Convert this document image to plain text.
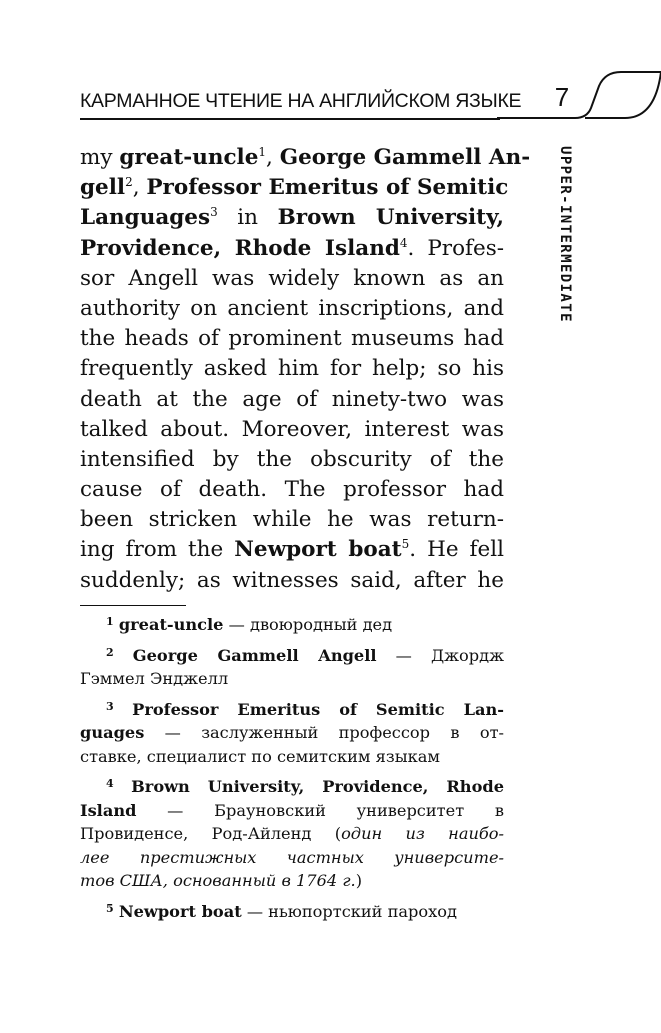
КАРМАННОЕ ЧТЕНИЕ НА АНГЛИЙСКОМ ЯЗЫКЕ	7
UPPER-INTERMEDIATE
my great-uncle$^1$, George Gammell An-
gell$^2$, Professor Emeritus of Semitic
Languages$^3$ in Brown University,
Providence, Rhode Island$^4$. Profes-
sor Angell was widely known as an
authority on ancient inscriptions, and
the heads of prominent museums had
frequently asked him for help; so his
death at the age of ninety-two was
talked about. Moreover, interest was
intensified by the obscurity of the
cause of death. The professor had
been stricken while he was return-
ing from the Newport boat$^5$. He fell
suddenly; as witnesses said, after he
$^1$ great-uncle — двоюродный дед
$^2$ George Gammell Angell — Джордж
Гэммел Энджелл
$^3$ Professor Emeritus of Semitic Lan-
guages — заслуженный профессор в от-
ставке, специалист по семитским языкам
$^4$ Brown University, Providence, Rhode
Island — Брауновский университет в
Провиденсе, Род-Айленд (один из наибо-
лее престижных частных университе-
тов США, основанный в 1764 г.)
$^5$ Newport boat — ньюпортский пароход
